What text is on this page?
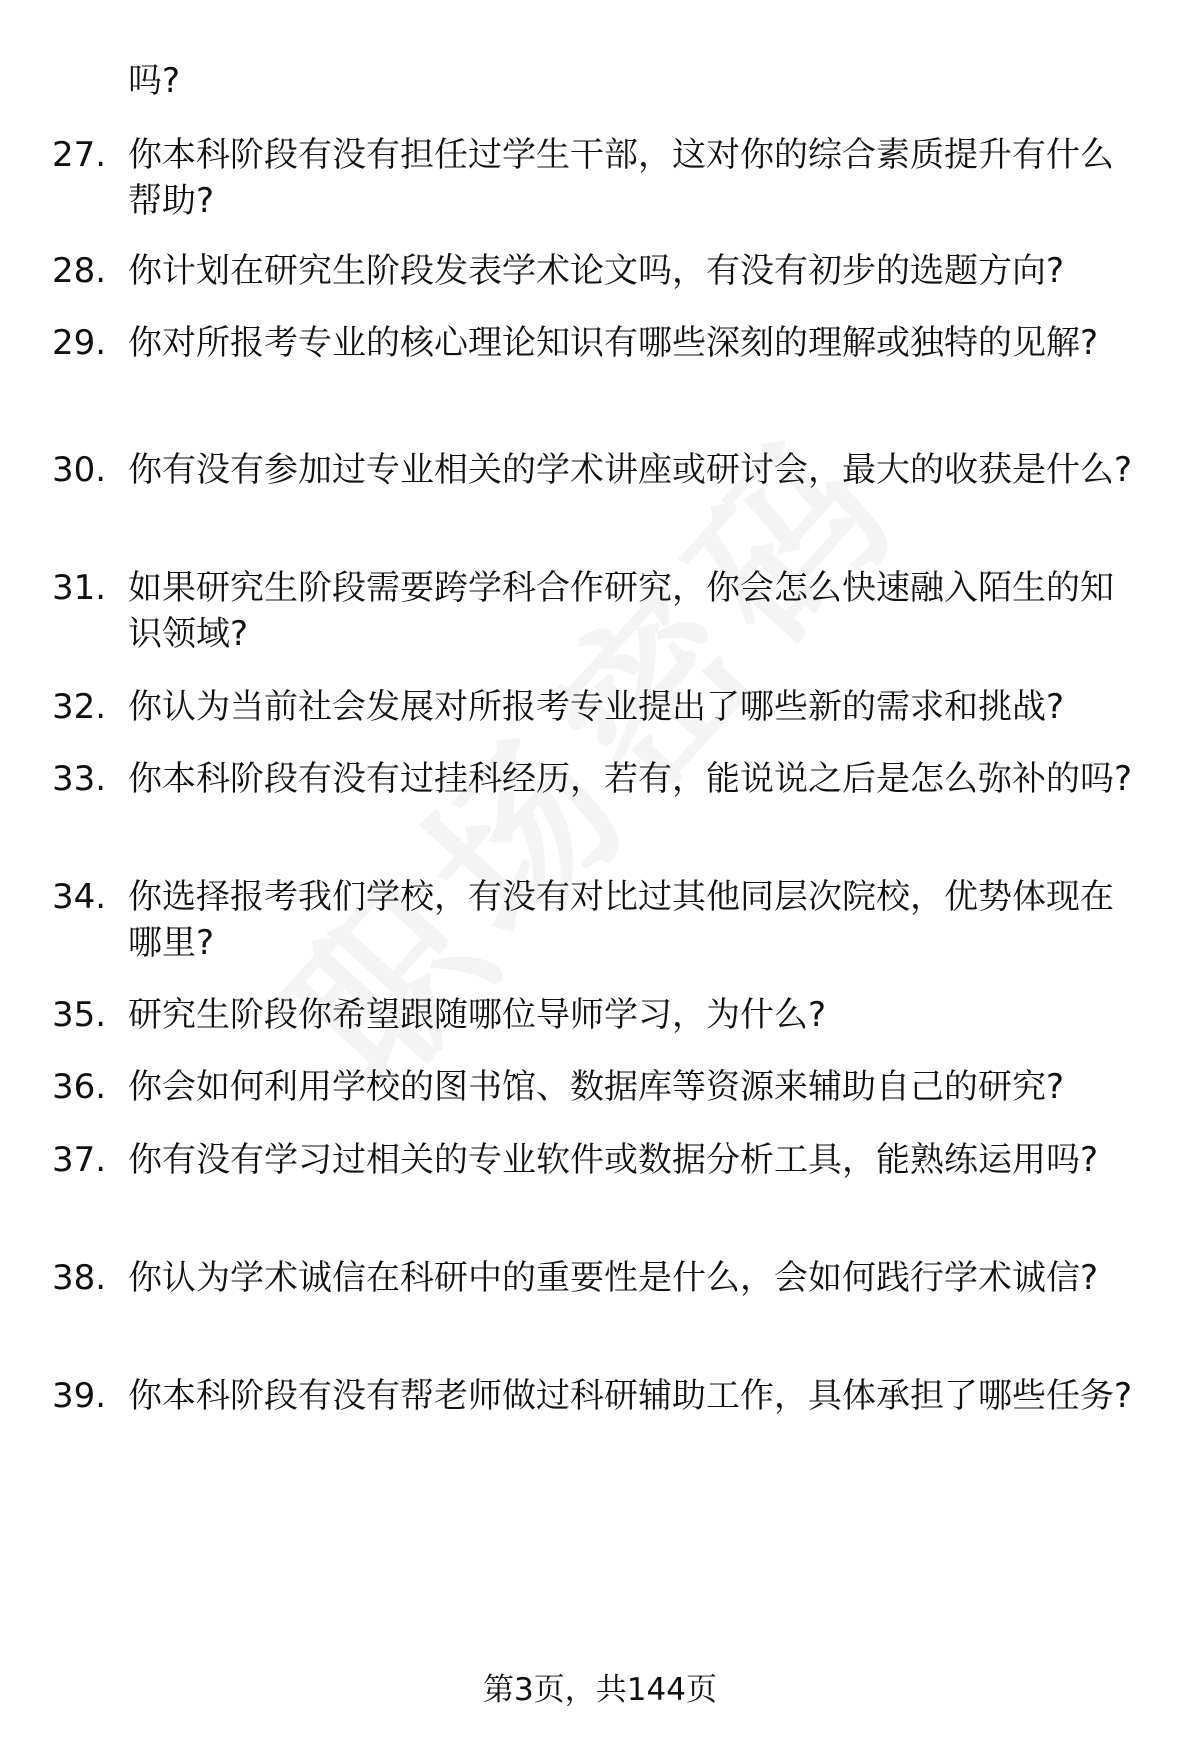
吗?
27. 你本科阶段有没有担任过学生干部，这对你的综合素质提升有什么帮助?
28. 你计划在研究生阶段发表学术论文吗，有没有初步的选题方向?
29. 你对所报考专业的核心理论知识有哪些深刻的理解或独特的见解?
30. 你有没有参加过专业相关的学术讲座或研讨会，最大的收获是什么?
31. 如果研究生阶段需要跨学科合作研究，你会怎么快速融入陌生的知识领域?
32. 你认为当前社会发展对所报考专业提出了哪些新的需求和挑战?
33. 你本科阶段有没有过挂科经历，若有，能说说之后是怎么弥补的吗?
34. 你选择报考我们学校，有没有对比过其他同层次院校，优势体现在哪里?
35. 研究生阶段你希望跟随哪位导师学习，为什么?
36. 你会如何利用学校的图书馆、数据库等资源来辅助自己的研究?
37. 你有没有学习过相关的专业软件或数据分析工具，能熟练运用吗?
38. 你认为学术诚信在科研中的重要性是什么，会如何践行学术诚信?
39. 你本科阶段有没有帮老师做过科研辅助工作，具体承担了哪些任务?
第3页，共144页
